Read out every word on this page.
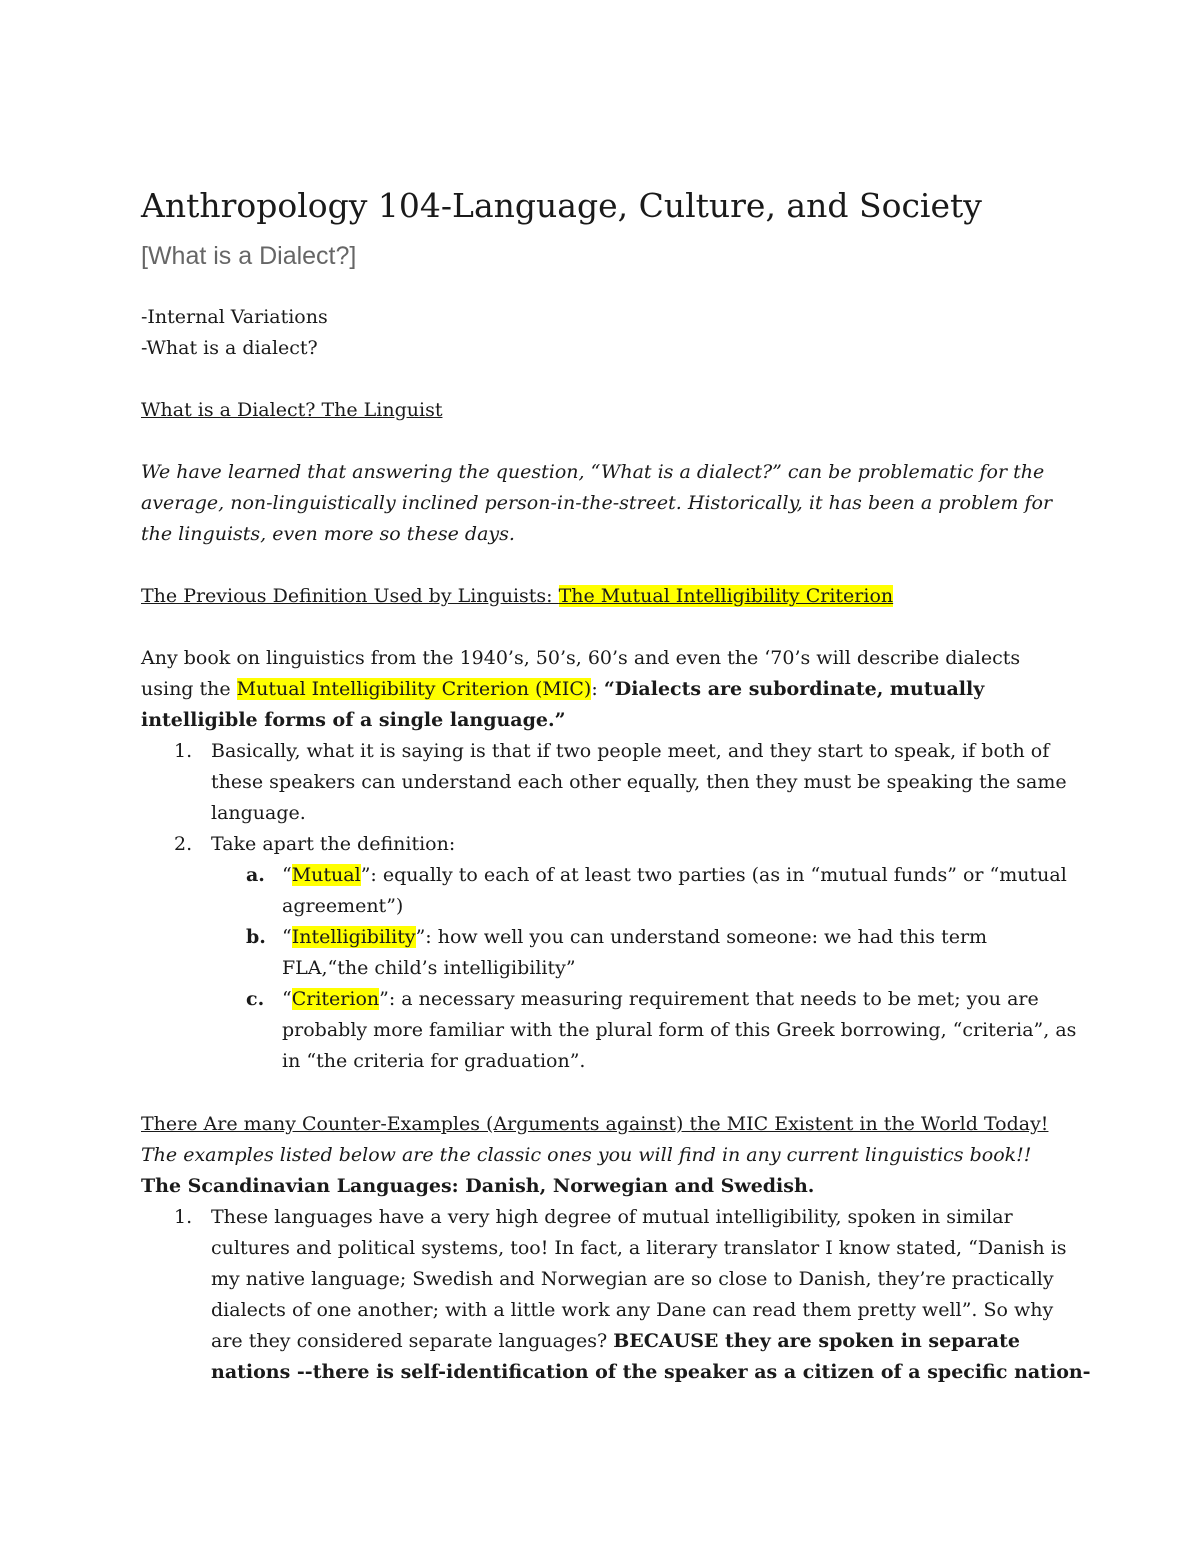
Anthropology 104-Language, Culture, and Society
[What is a Dialect?]
-Internal Variations
-What is a dialect?
What is a Dialect? The Linguist
We have learned that answering the question, “What is a dialect?” can be problematic for the
average, non-linguistically inclined person-in-the-street. Historically, it has been a problem for
the linguists, even more so these days.
The Previous Definition Used by Linguists: The Mutual Intelligibility Criterion
Any book on linguistics from the 1940’s, 50’s, 60’s and even the ‘70’s will describe dialects
using the Mutual Intelligibility Criterion (MIC): “Dialects are subordinate, mutually
intelligible forms of a single language.”
1. Basically, what it is saying is that if two people meet, and they start to speak, if both of
these speakers can understand each other equally, then they must be speaking the same
language.
2. Take apart the definition:
a. “Mutual”: equally to each of at least two parties (as in “mutual funds” or “mutual
agreement”)
b. “Intelligibility”: how well you can understand someone: we had this term
FLA,“the child’s intelligibility”
c. “Criterion”: a necessary measuring requirement that needs to be met; you are
probably more familiar with the plural form of this Greek borrowing, “criteria”, as
in “the criteria for graduation”.
There Are many Counter-Examples (Arguments against) the MIC Existent in the World Today!
The examples listed below are the classic ones you will find in any current linguistics book!!
The Scandinavian Languages: Danish, Norwegian and Swedish.
1. These languages have a very high degree of mutual intelligibility, spoken in similar
cultures and political systems, too! In fact, a literary translator I know stated, “Danish is
my native language; Swedish and Norwegian are so close to Danish, they’re practically
dialects of one another; with a little work any Dane can read them pretty well”. So why
are they considered separate languages? BECAUSE they are spoken in separate
nations --there is self-identification of the speaker as a citizen of a specific nation-
